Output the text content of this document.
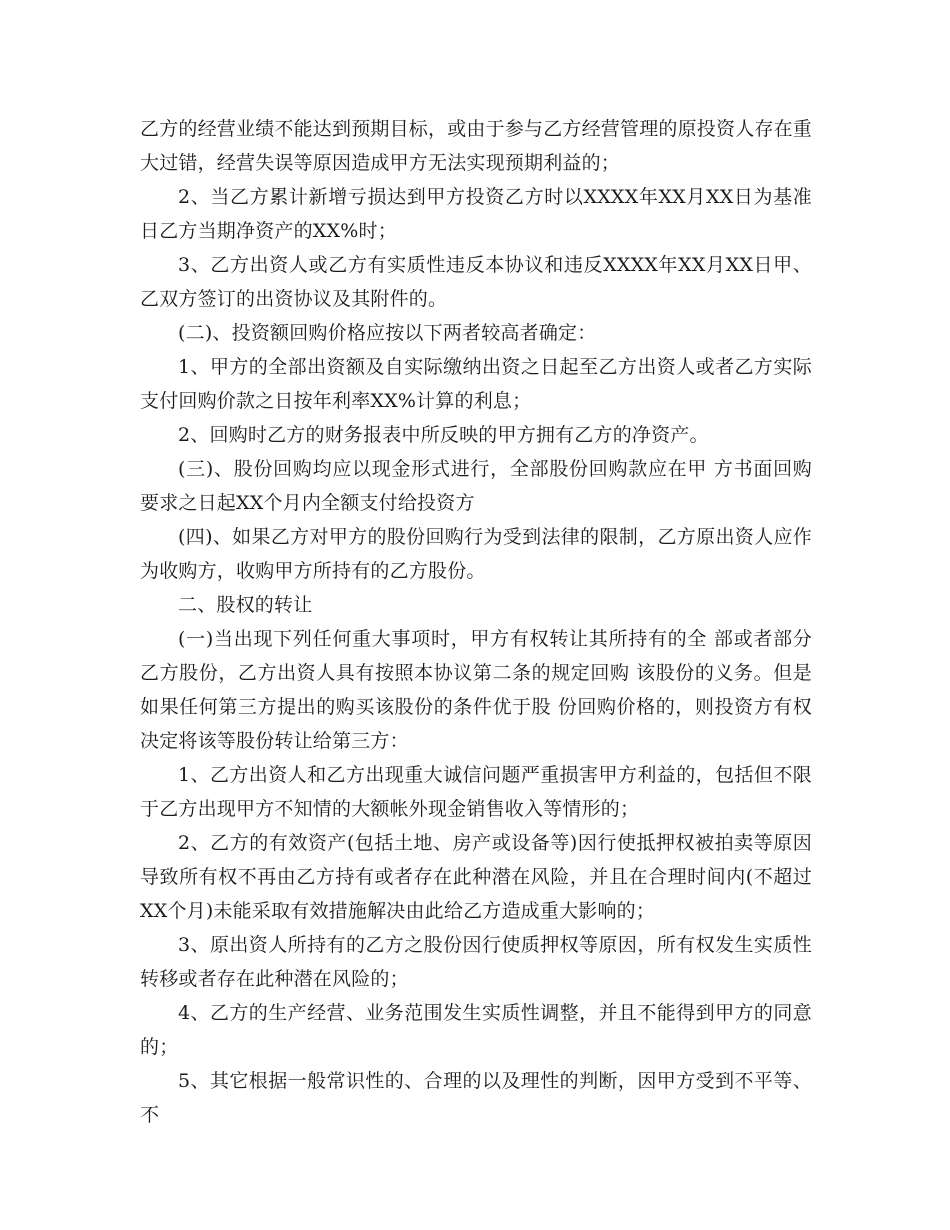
乙方的经营业绩不能达到预期目标，或由于参与乙方经营管理的原投资人存在重大过错，经营失误等原因造成甲方无法实现预期利益的；

2、当乙方累计新增亏损达到甲方投资乙方时以XXXX年XX月XX日为基准日乙方当期净资产的XX%时；

3、乙方出资人或乙方有实质性违反本协议和违反XXXX年XX月XX日甲、乙双方签订的出资协议及其附件的。

(二)、投资额回购价格应按以下两者较高者确定：

1、甲方的全部出资额及自实际缴纳出资之日起至乙方出资人或者乙方实际支付回购价款之日按年利率XX%计算的利息；

2、回购时乙方的财务报表中所反映的甲方拥有乙方的净资产。

(三)、股份回购均应以现金形式进行，全部股份回购款应在甲 方书面回购要求之日起XX个月内全额支付给投资方

(四)、如果乙方对甲方的股份回购行为受到法律的限制，乙方原出资人应作为收购方，收购甲方所持有的乙方股份。

二、股权的转让

(一)当出现下列任何重大事项时，甲方有权转让其所持有的全 部或者部分乙方股份，乙方出资人具有按照本协议第二条的规定回购 该股份的义务。但是如果任何第三方提出的购买该股份的条件优于股 份回购价格的，则投资方有权决定将该等股份转让给第三方：

1、乙方出资人和乙方出现重大诚信问题严重损害甲方利益的，包括但不限于乙方出现甲方不知情的大额帐外现金销售收入等情形的；

2、乙方的有效资产(包括土地、房产或设备等)因行使抵押权被拍卖等原因导致所有权不再由乙方持有或者存在此种潜在风险，并且在合理时间内(不超过XX个月)未能采取有效措施解决由此给乙方造成重大影响的；

3、原出资人所持有的乙方之股份因行使质押权等原因，所有权发生实质性转移或者存在此种潜在风险的；

4、乙方的生产经营、业务范围发生实质性调整，并且不能得到甲方的同意的；

5、其它根据一般常识性的、合理的以及理性的判断，因甲方受到不平等、不
